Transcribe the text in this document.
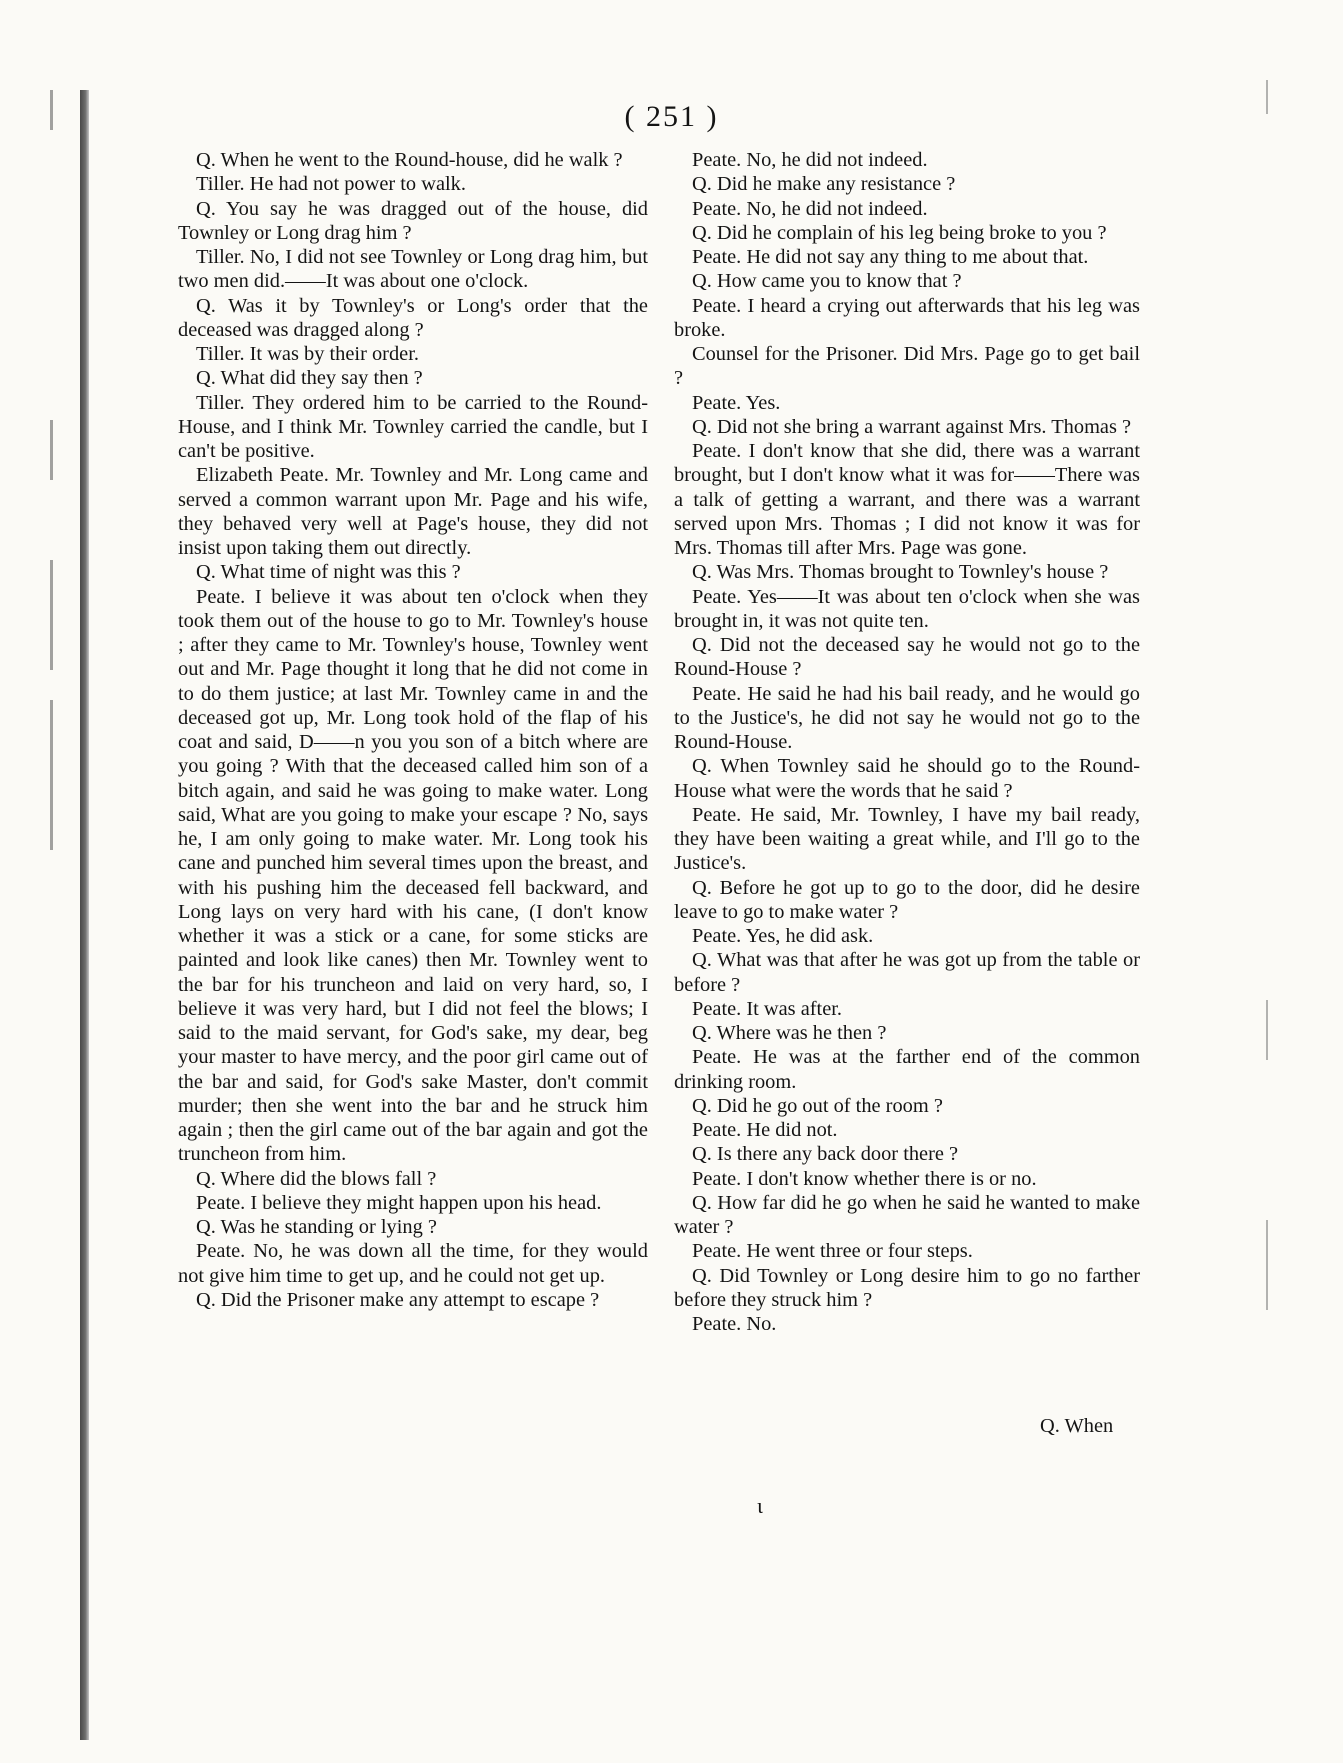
( 251 )

Q. When he went to the Round-house, did he walk ?

Tiller. He had not power to walk.

Q. You say he was dragged out of the house, did Townley or Long drag him ?

Tiller. No, I did not see Townley or Long drag him, but two men did.——It was about one o'clock.

Q. Was it by Townley's or Long's order that the deceased was dragged along ?

Tiller. It was by their order.

Q. What did they say then ?

Tiller. They ordered him to be carried to the Round-House, and I think Mr. Townley carried the candle, but I can't be positive.

Elizabeth Peate. Mr. Townley and Mr. Long came and served a common warrant upon Mr. Page and his wife, they behaved very well at Page's house, they did not insist upon taking them out directly.

Q. What time of night was this ?

Peate. I believe it was about ten o'clock when they took them out of the house to go to Mr. Townley's house ; after they came to Mr. Townley's house, Townley went out and Mr. Page thought it long that he did not come in to do them justice; at last Mr. Townley came in and the deceased got up, Mr. Long took hold of the flap of his coat and said, D——n you you son of a bitch where are you going ? With that the deceased called him son of a bitch again, and said he was going to make water. Long said, What are you going to make your escape ? No, says he, I am only going to make water. Mr. Long took his cane and punched him several times upon the breast, and with his pushing him the deceased fell backward, and Long lays on very hard with his cane, (I don't know whether it was a stick or a cane, for some sticks are painted and look like canes) then Mr. Townley went to the bar for his truncheon and laid on very hard, so, I believe it was very hard, but I did not feel the blows; I said to the maid servant, for God's sake, my dear, beg your master to have mercy, and the poor girl came out of the bar and said, for God's sake Master, don't commit murder; then she went into the bar and he struck him again ; then the girl came out of the bar again and got the truncheon from him.

Q. Where did the blows fall ?

Peate. I believe they might happen upon his head.

Q. Was he standing or lying ?

Peate. No, he was down all the time, for they would not give him time to get up, and he could not get up.

Q. Did the Prisoner make any attempt to escape ?

Peate. No, he did not indeed.

Q. Did he make any resistance ?

Peate. No, he did not indeed.

Q. Did he complain of his leg being broke to you ?

Peate. He did not say any thing to me about that.

Q. How came you to know that ?

Peate. I heard a crying out afterwards that his leg was broke.

Counsel for the Prisoner. Did Mrs. Page go to get bail ?

Peate. Yes.

Q. Did not she bring a warrant against Mrs. Thomas ?

Peate. I don't know that she did, there was a warrant brought, but I don't know what it was for——There was a talk of getting a warrant, and there was a warrant served upon Mrs. Thomas ; I did not know it was for Mrs. Thomas till after Mrs. Page was gone.

Q. Was Mrs. Thomas brought to Townley's house ?

Peate. Yes——It was about ten o'clock when she was brought in, it was not quite ten.

Q. Did not the deceased say he would not go to the Round-House ?

Peate. He said he had his bail ready, and he would go to the Justice's, he did not say he would not go to the Round-House.

Q. When Townley said he should go to the Round-House what were the words that he said ?

Peate. He said, Mr. Townley, I have my bail ready, they have been waiting a great while, and I'll go to the Justice's.

Q. Before he got up to go to the door, did he desire leave to go to make water ?

Peate. Yes, he did ask.

Q. What was that after he was got up from the table or before ?

Peate. It was after.

Q. Where was he then ?

Peate. He was at the farther end of the common drinking room.

Q. Did he go out of the room ?

Peate. He did not.

Q. Is there any back door there ?

Peate. I don't know whether there is or no.

Q. How far did he go when he said he wanted to make water ?

Peate. He went three or four steps.

Q. Did Townley or Long desire him to go no farther before they struck him ?

Peate. No.

Q. When
ɩ
